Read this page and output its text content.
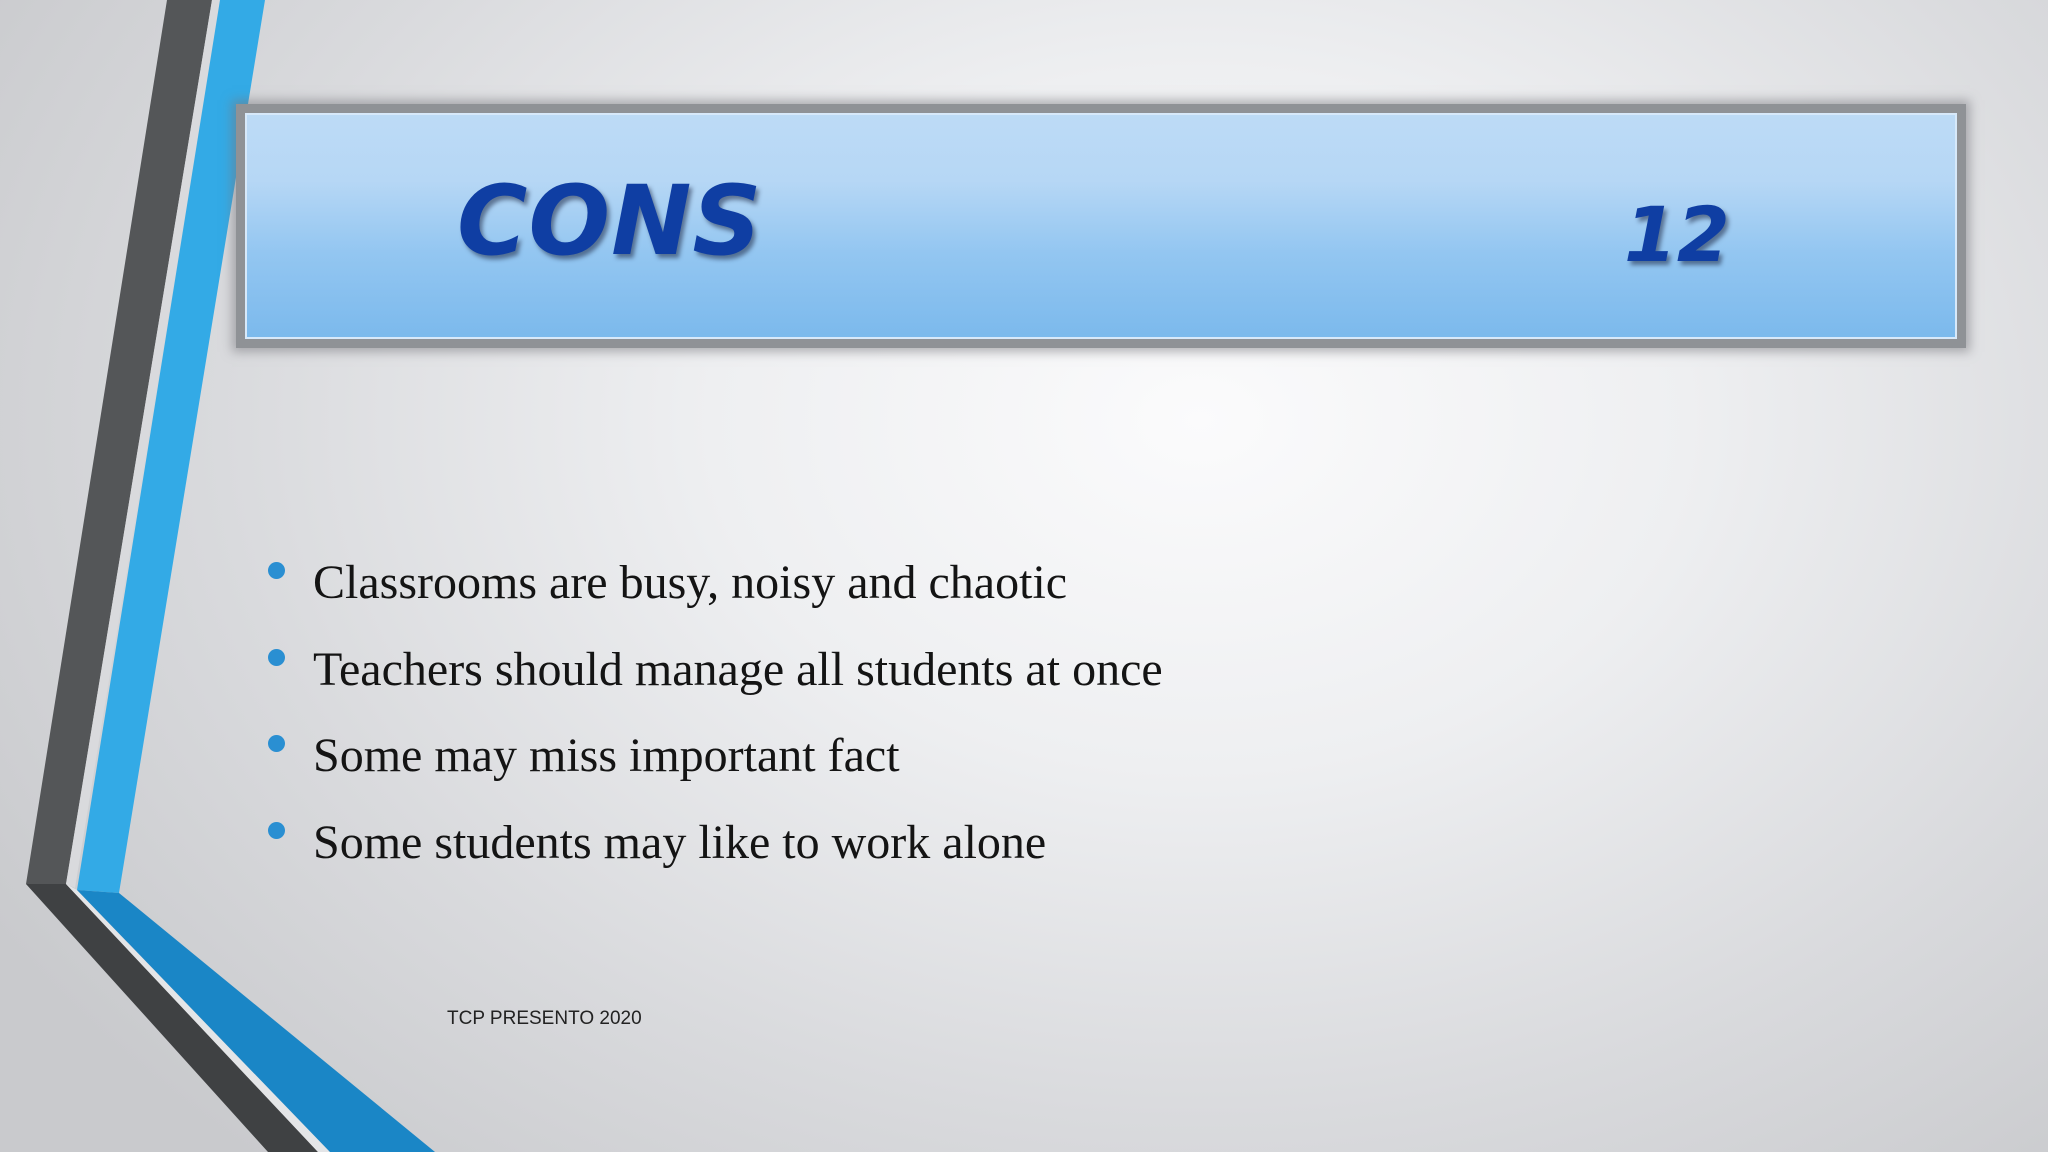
CONS	12
Classrooms are busy, noisy and chaotic
Teachers should manage all students at once
Some may miss important fact
Some students may like to work alone
TCP PRESENTO 2020
